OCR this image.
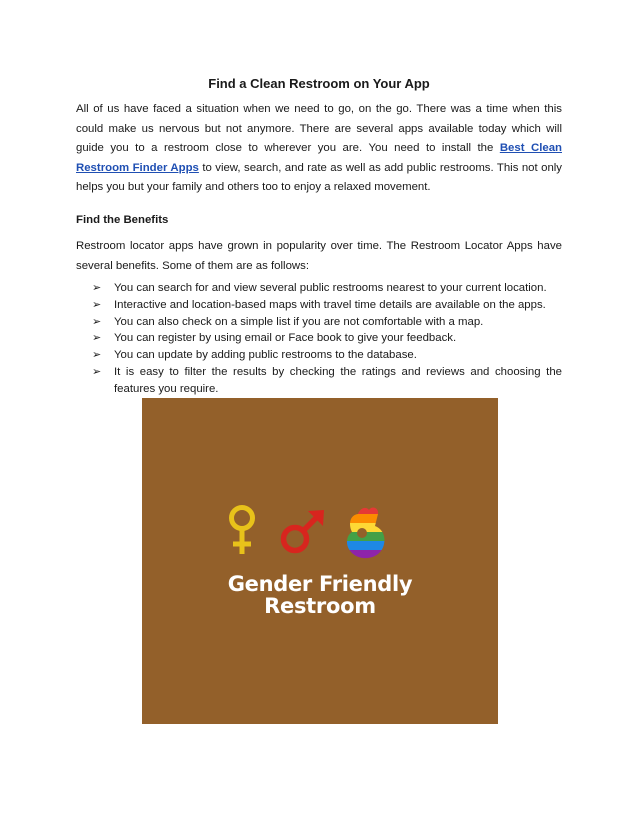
Find a Clean Restroom on Your App
All of us have faced a situation when we need to go, on the go. There was a time when this could make us nervous but not anymore. There are several apps available today which will guide you to a restroom close to wherever you are. You need to install the Best Clean Restroom Finder Apps to view, search, and rate as well as add public restrooms. This not only helps you but your family and others too to enjoy a relaxed movement.
Find the Benefits
Restroom locator apps have grown in popularity over time. The Restroom Locator Apps have several benefits. Some of them are as follows:
➢ You can search for and view several public restrooms nearest to your current location.
➢ Interactive and location-based maps with travel time details are available on the apps.
➢ You can also check on a simple list if you are not comfortable with a map.
➢ You can register by using email or Face book to give your feedback.
➢ You can update by adding public restrooms to the database.
➢ It is easy to filter the results by checking the ratings and reviews and choosing the features you require.
Gender Friendly
Restroom
